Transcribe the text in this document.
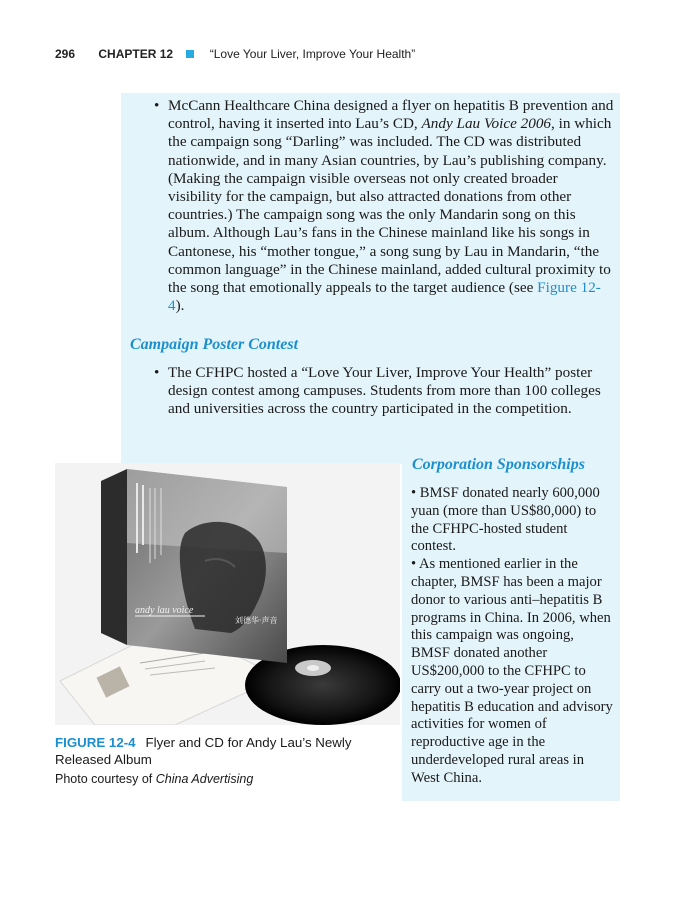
296 CHAPTER 12	“Love Your Liver, Improve Your Health”
• McCann Healthcare China designed a flyer on hepatitis B prevention and control, having it inserted into Lau’s CD, Andy Lau Voice 2006, in which the campaign song “Darling” was included. The CD was distributed nationwide, and in many Asian countries, by Lau’s publishing company. (Making the campaign visible overseas not only created broader visibility for the campaign, but also attracted donations from other countries.) The campaign song was the only Mandarin song on this album. Although Lau’s fans in the Chinese mainland like his songs in Cantonese, his “mother tongue,” a song sung by Lau in Mandarin, “the common language” in the Chinese mainland, added cultural proximity to the song that emotionally appeals to the target audience (see Figure 12-4).
Campaign Poster Contest
• The CFHPC hosted a “Love Your Liver, Improve Your Health” poster design contest among campuses. Students from more than 100 colleges and universities across the country participated in the competition.
Corporation Sponsorships

• BMSF donated nearly 600,000 yuan (more than US$80,000) to the CFHPC-hosted student contest.

• As mentioned earlier in the chapter, BMSF has been a major donor to various anti–hepatitis B programs in China. In 2006, when this campaign was ongoing, BMSF donated another US$200,000 to the CFHPC to carry out a two-year project on hepatitis B education and advisory activities for women of reproductive age in the underdeveloped rural areas in West China.

andy lau voice
刘德华·声音
FIGURE 12-4 Flyer and CD for Andy Lau’s Newly Released Album
Photo courtesy of China Advertising
